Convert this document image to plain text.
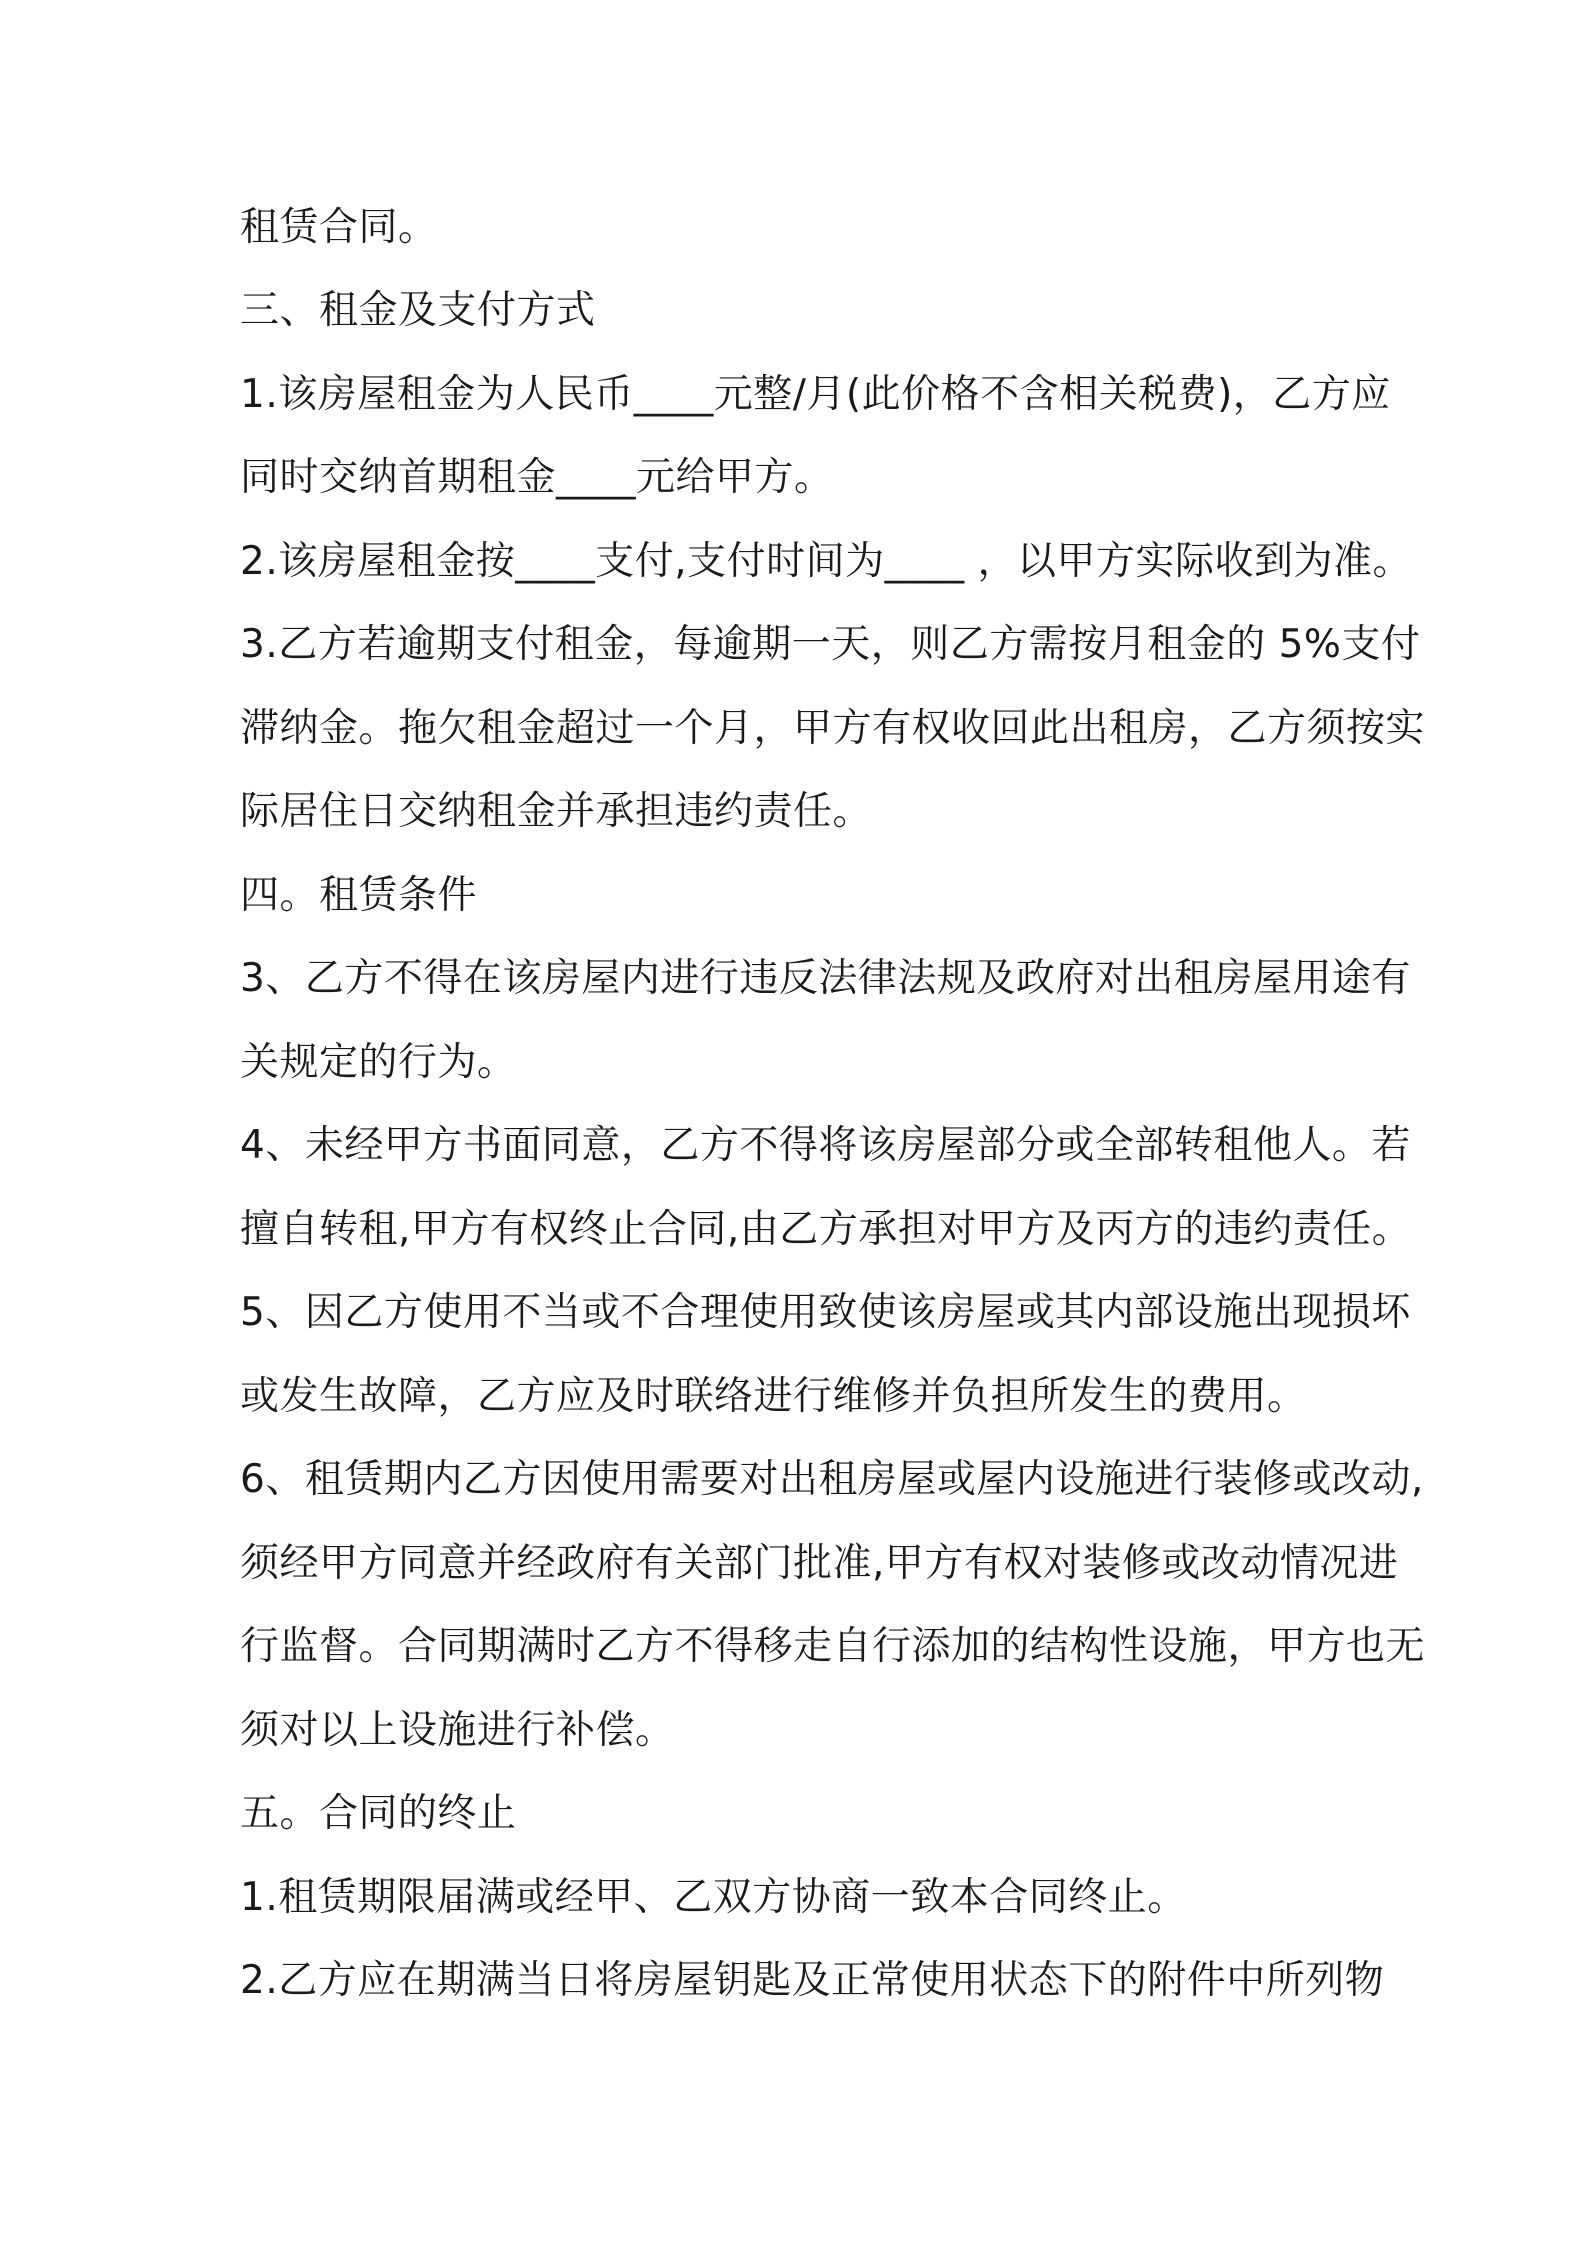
租赁合同。

三、租金及支付方式

1.该房屋租金为人民币____元整/月(此价格不含相关税费)，乙方应

同时交纳首期租金____元给甲方。

2.该房屋租金按____支付,支付时间为____ ，以甲方实际收到为准。

3.乙方若逾期支付租金，每逾期一天，则乙方需按月租金的 5%支付

滞纳金。拖欠租金超过一个月，甲方有权收回此出租房，乙方须按实

际居住日交纳租金并承担违约责任。

四。租赁条件

3、乙方不得在该房屋内进行违反法律法规及政府对出租房屋用途有

关规定的行为。

4、未经甲方书面同意，乙方不得将该房屋部分或全部转租他人。若

擅自转租,甲方有权终止合同,由乙方承担对甲方及丙方的违约责任。

5、因乙方使用不当或不合理使用致使该房屋或其内部设施出现损坏

或发生故障，乙方应及时联络进行维修并负担所发生的费用。

6、租赁期内乙方因使用需要对出租房屋或屋内设施进行装修或改动,

须经甲方同意并经政府有关部门批准,甲方有权对装修或改动情况进

行监督。合同期满时乙方不得移走自行添加的结构性设施，甲方也无

须对以上设施进行补偿。

五。合同的终止

1.租赁期限届满或经甲、乙双方协商一致本合同终止。

2.乙方应在期满当日将房屋钥匙及正常使用状态下的附件中所列物
